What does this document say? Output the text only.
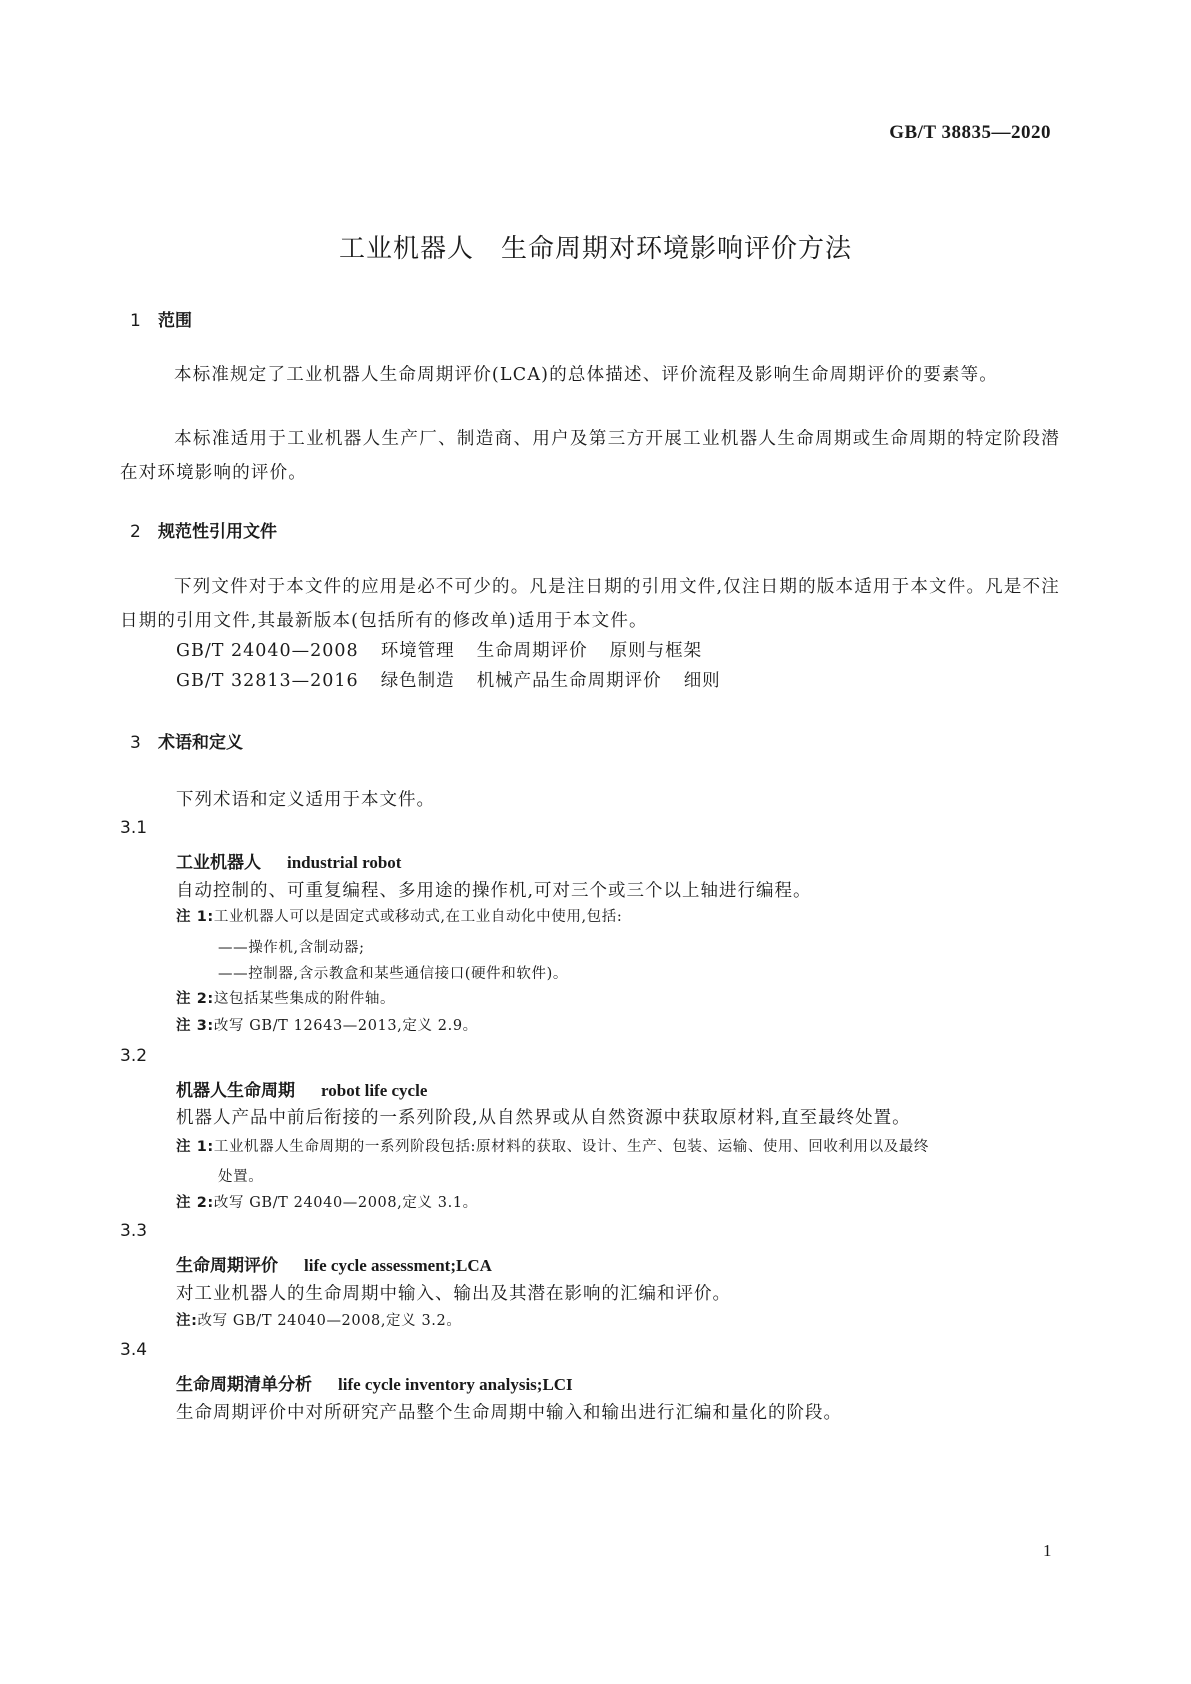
GB/T 38835—2020
工业机器人　生命周期对环境影响评价方法
1 范围
本标准规定了工业机器人生命周期评价(LCA)的总体描述、评价流程及影响生命周期评价的要素等。
本标准适用于工业机器人生产厂、制造商、用户及第三方开展工业机器人生命周期或生命周期的特定阶段潜在对环境影响的评价。
2 规范性引用文件
下列文件对于本文件的应用是必不可少的。凡是注日期的引用文件,仅注日期的版本适用于本文件。凡是不注日期的引用文件,其最新版本(包括所有的修改单)适用于本文件。
GB/T 24040—2008 环境管理 生命周期评价 原则与框架
GB/T 32813—2016 绿色制造 机械产品生命周期评价 细则
3 术语和定义
下列术语和定义适用于本文件。
3.1
工业机器人 industrial robot
自动控制的、可重复编程、多用途的操作机,可对三个或三个以上轴进行编程。
注 1:工业机器人可以是固定式或移动式,在工业自动化中使用,包括:
——操作机,含制动器;
——控制器,含示教盒和某些通信接口(硬件和软件)。
注 2:这包括某些集成的附件轴。
注 3:改写 GB/T 12643—2013,定义 2.9。
3.2
机器人生命周期 robot life cycle
机器人产品中前后衔接的一系列阶段,从自然界或从自然资源中获取原材料,直至最终处置。
注 1:工业机器人生命周期的一系列阶段包括:原材料的获取、设计、生产、包装、运输、使用、回收利用以及最终
处置。
注 2:改写 GB/T 24040—2008,定义 3.1。
3.3
生命周期评价 life cycle assessment;LCA
对工业机器人的生命周期中输入、输出及其潜在影响的汇编和评价。
注:改写 GB/T 24040—2008,定义 3.2。
3.4
生命周期清单分析 life cycle inventory analysis;LCI
生命周期评价中对所研究产品整个生命周期中输入和输出进行汇编和量化的阶段。
1
